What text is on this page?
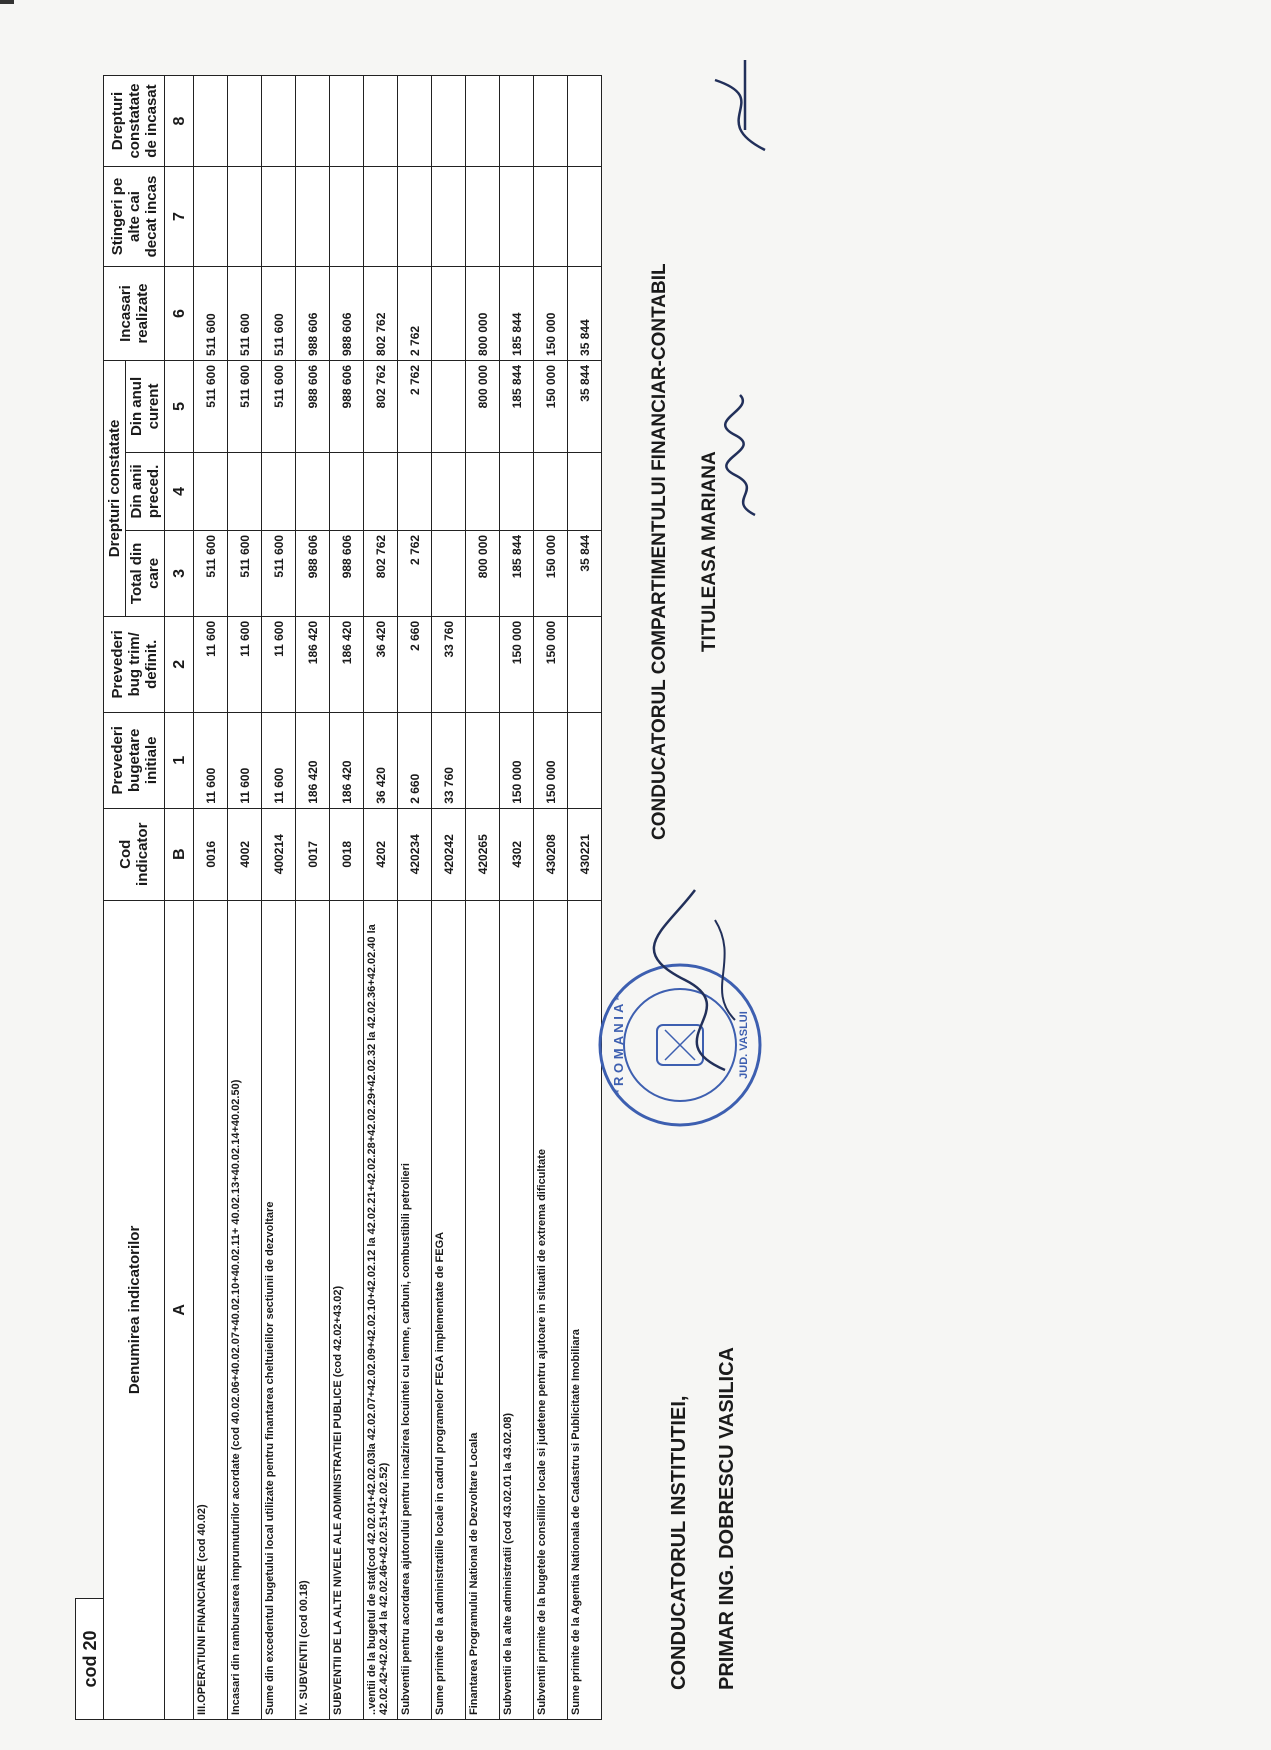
cod 20
Denumirea indicatorilor	Cod indicator	Prevederi bugetare initiale	Prevederi bug trim/ definit.	Drepturi constatate			Incasari realizate	Stingeri pe alte cai decat incas	Drepturi constatate de incasat
				Total din care	Din anii preced.	Din anul curent			
A	B	1	2	3	4	5	6	7	8
III.OPERATIUNI FINANCIARE (cod 40.02)	0016	11 600	11 600	511 600		511 600	511 600		
Incasari din rambursarea imprumuturilor acordate (cod 40.02.06+40.02.07+40.02.10+40.02.11+ 40.02.13+40.02.14+40.02.50)	4002	11 600	11 600	511 600		511 600	511 600		
Sume din excedentul bugetului local utilizate pentru finantarea cheltuielilor sectiunii de dezvoltare	400214	11 600	11 600	511 600		511 600	511 600		
IV. SUBVENTII (cod 00.18)	0017	186 420	186 420	988 606		988 606	988 606		
SUBVENTII DE LA ALTE NIVELE ALE ADMINISTRATIEI PUBLICE (cod 42.02+43.02)	0018	186 420	186 420	988 606		988 606	988 606		
..ventii de la bugetul de stat(cod 42.02.01+42.02.03la 42.02.07+42.02.09+42.02.10+42.02.12 la 42.02.21+42.02.28+42.02.29+42.02.32 la 42.02.36+42.02.40 la 42.02.42+42.02.44 la 42.02.46+42.02.51+42.02.52)	4202	36 420	36 420	802 762		802 762	802 762		
Subventii pentru acordarea ajutorului pentru incalzirea locuintei cu lemne, carbuni, combustibili petrolieri	420234	2 660	2 660	2 762		2 762	2 762		
Sume primite de la administratiile locale in cadrul programelor FEGA implementate de FEGA	420242	33 760	33 760						
Finantarea Programului National de Dezvoltare Locala	420265			800 000		800 000	800 000		
Subventii de la alte administratii (cod 43.02.01 la 43.02.08)	4302	150 000	150 000	185 844		185 844	185 844		
Subventii primite de la bugetele consiliilor locale si judetene pentru ajutoare in situatii de extrema dificultate	430208	150 000	150 000	150 000		150 000	150 000		
Sume primite de la Agentia Nationala de Cadastru si Publicitate Imobiliara	430221			35 844		35 844	35 844		
CONDUCATORUL INSTITUTIEI,	PRIMAR ING. DOBRESCU VASILICA
* R O M A N I A *	JUD. VASLUI
CONDUCATORUL COMPARTIMENTULUI FINANCIAR-CONTABIL	TITULEASA MARIANA
